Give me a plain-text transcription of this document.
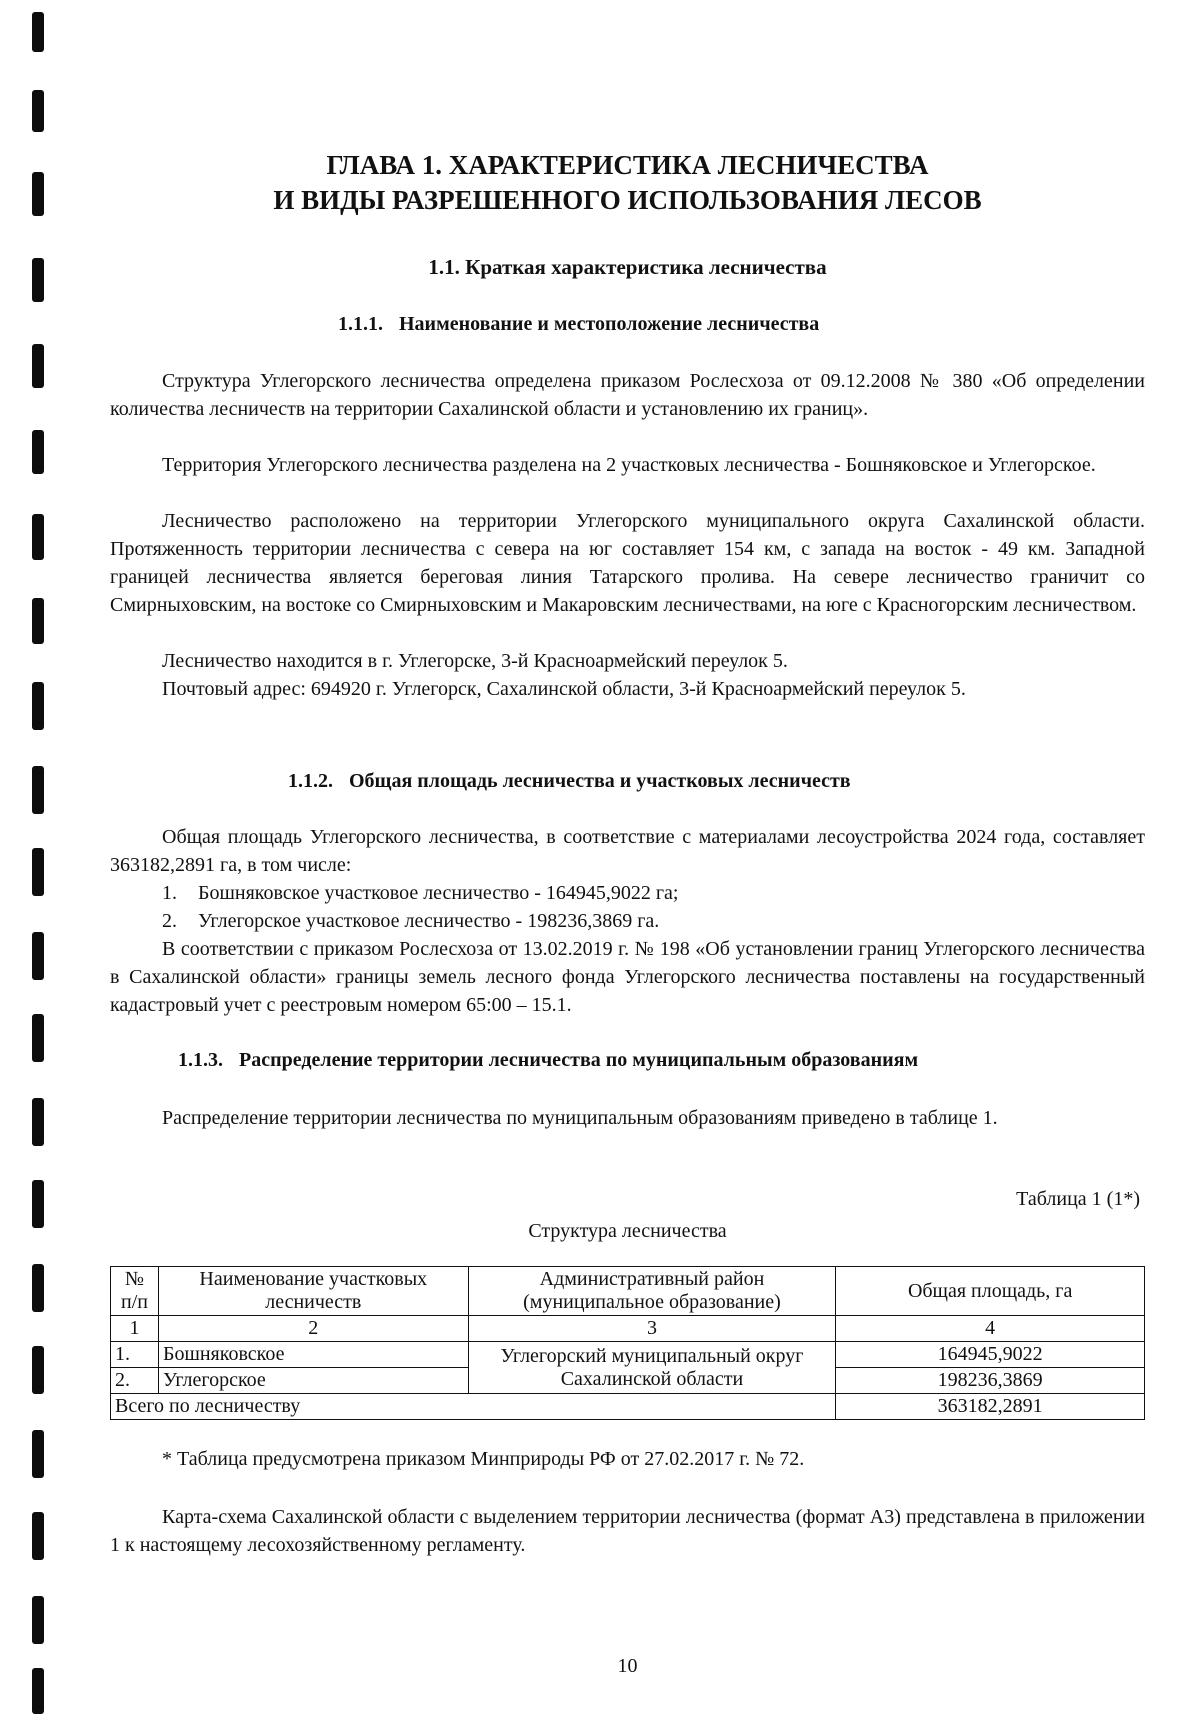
ГЛАВА 1. ХАРАКТЕРИСТИКА ЛЕСНИЧЕСТВА
И ВИДЫ РАЗРЕШЕННОГО ИСПОЛЬЗОВАНИЯ ЛЕСОВ
1.1. Краткая характеристика лесничества
1.1.1. Наименование и местоположение лесничества

Структура Углегорского лесничества определена приказом Рослесхоза от 09.12.2008 № 380 «Об определении количества лесничеств на территории Сахалинской области и установлению их границ».

Территория Углегорского лесничества разделена на 2 участковых лесничества - Бошняковское и Углегорское.

Лесничество расположено на территории Углегорского муниципального округа Сахалинской области. Протяженность территории лесничества с севера на юг составляет 154 км, с запада на восток - 49 км. Западной границей лесничества является береговая линия Татарского пролива. На севере лесничество граничит со Смирныховским, на востоке со Смирныховским и Макаровским лесничествами, на юге с Красногорским лесничеством.

Лесничество находится в г. Углегорске, 3-й Красноармейский переулок 5.

Почтовый адрес: 694920 г. Углегорск, Сахалинской области, 3-й Красноармейский переулок 5.

1.1.2. Общая площадь лесничества и участковых лесничеств

Общая площадь Углегорского лесничества, в соответствие с материалами лесоустройства 2024 года, составляет 363182,2891 га, в том числе:

1. Бошняковское участковое лесничество - 164945,9022 га;
2. Углегорское участковое лесничество - 198236,3869 га.

В соответствии с приказом Рослесхоза от 13.02.2019 г. № 198 «Об установлении границ Углегорского лесничества в Сахалинской области» границы земель лесного фонда Углегорского лесничества поставлены на государственный кадастровый учет с реестровым номером 65:00 – 15.1.

1.1.3. Распределение территории лесничества по муниципальным образованиям

Распределение территории лесничества по муниципальным образованиям приведено в таблице 1.

Таблица 1 (1*)
Структура лесничества
№ п/п	Наименование участковых лесничеств	Административный район (муниципальное образование)	Общая площадь, га
1	2	3	4
1.	Бошняковское	Углегорский муниципальный округ Сахалинской области	164945,9022
2.	Углегорское		198236,3869
Всего по лесничеству			363182,2891
* Таблица предусмотрена приказом Минприроды РФ от 27.02.2017 г. № 72.

Карта-схема Сахалинской области с выделением территории лесничества (формат А3) представлена в приложении 1 к настоящему лесохозяйственному регламенту.

10
